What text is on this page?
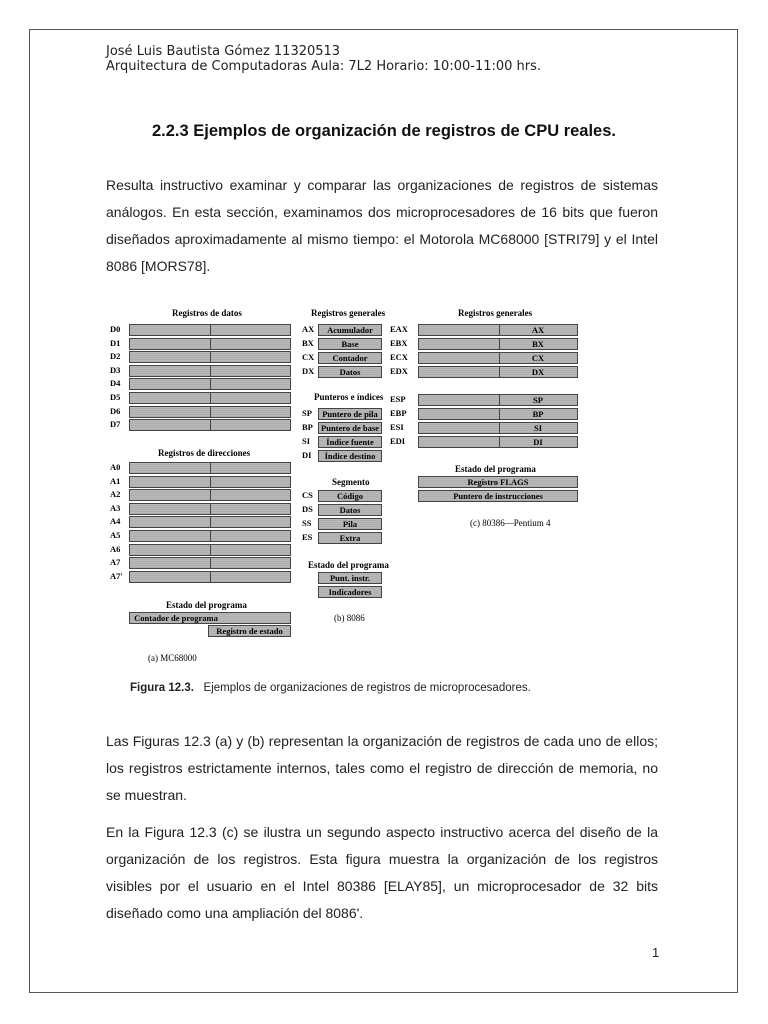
José Luis Bautista Gómez 11320513
Arquitectura de Computadoras Aula: 7L2 Horario: 10:00-11:00 hrs.
2.2.3 Ejemplos de organización de registros de CPU reales.

Resulta instructivo examinar y comparar las organizaciones de registros de sistemas análogos. En esta sección, examinamos dos microprocesadores de 16 bits que fueron diseñados aproximadamente al mismo tiempo: el Motorola MC68000 [STRI79] y el Intel 8086 [MORS78].

Registros de datos
D0
D1
D2
D3
D4
D5
D6
D7
Registros de direcciones
A0
A1
A2
A3
A4
A5
A6
A7
A7'
Estado del programa
Contador de programa
Registro de estado
(a) MC68000
Registros generales
AX	Acumulador
BX	Base
CX	Contador
DX	Datos
Punteros e índices
SP	Puntero de pila
BP Puntero de base
SI	Índice fuente
DI	Índice destino
Segmento
CS	Código
DS	Datos
SS	Pila
ES	Extra
Estado del programa
Punt. instr.
Indicadores
(b) 8086
Registros generales
EAX	AX
EBX	BX
ECX	CX
EDX	DX
ESP	SP
EBP	BP
ESI	SI
EDI	DI
Estado del programa
Registro FLAGS
Puntero de instrucciones
(c) 80386—Pentium 4
Figura 12.3. Ejemplos de organizaciones de registros de microprocesadores.

Las Figuras 12.3 (a) y (b) representan la organización de registros de cada uno de ellos; los registros estrictamente internos, tales como el registro de dirección de memoria, no se muestran.

En la Figura 12.3 (c) se ilustra un segundo aspecto instructivo acerca del diseño de la organización de los registros. Esta figura muestra la organización de los registros visibles por el usuario en el Intel 80386 [ELAY85], un microprocesador de 32 bits diseñado como una ampliación del 8086'.

1
